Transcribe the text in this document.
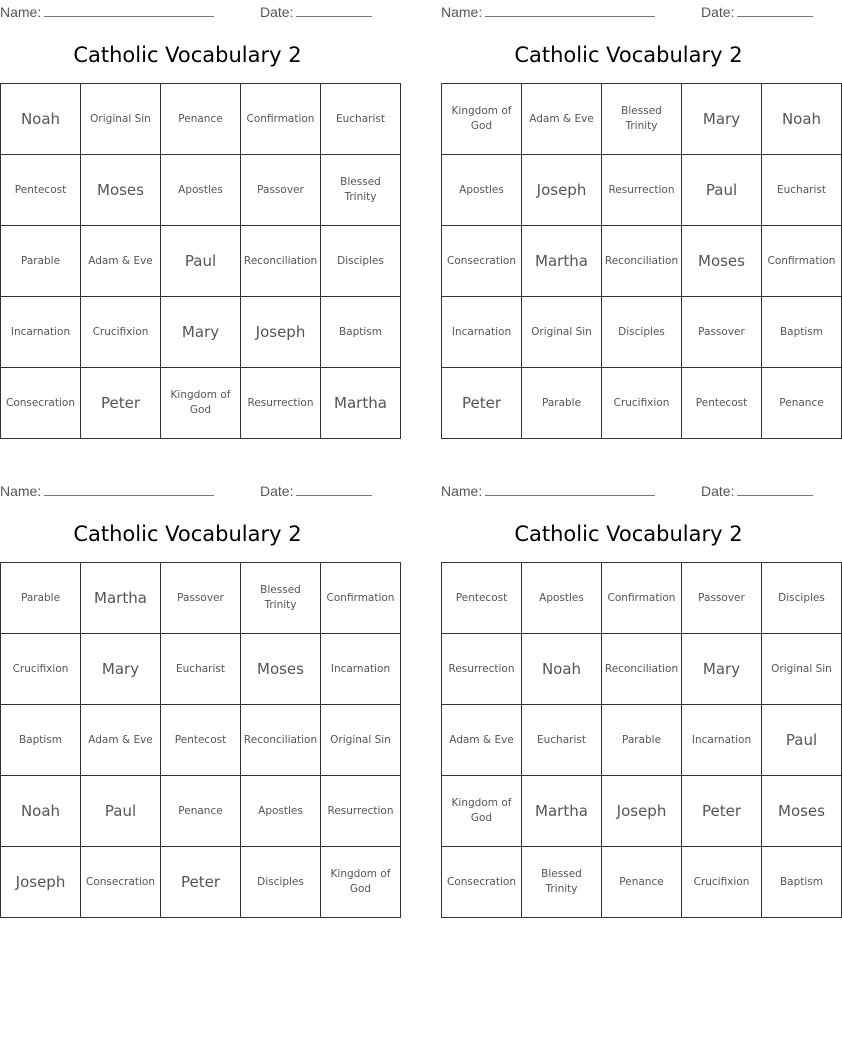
Name:	Date:
Catholic Vocabulary 2
Noah	Original Sin	Penance	Confirmation	Eucharist
Pentecost	Moses	Apostles	Passover	Blessed Trinity
Parable	Adam & Eve	Paul	Reconciliation	Disciples
Incarnation	Crucifixion	Mary	Joseph	Baptism
Consecration	Peter	Kingdom of God	Resurrection	Martha
Name:	Date:
Catholic Vocabulary 2
Kingdom of God	Adam & Eve	Blessed Trinity	Mary	Noah
Apostles	Joseph	Resurrection	Paul	Eucharist
Consecration	Martha	Reconciliation	Moses	Confirmation
Incarnation	Original Sin	Disciples	Passover	Baptism
Peter	Parable	Crucifixion	Pentecost	Penance
Name:	Date:
Catholic Vocabulary 2
Parable	Martha	Passover	Blessed Trinity	Confirmation
Crucifixion	Mary	Eucharist	Moses	Incarnation
Baptism	Adam & Eve	Pentecost	Reconciliation	Original Sin
Noah	Paul	Penance	Apostles	Resurrection
Joseph	Consecration	Peter	Disciples	Kingdom of God
Name:	Date:
Catholic Vocabulary 2
Pentecost	Apostles	Confirmation	Passover	Disciples
Resurrection	Noah	Reconciliation	Mary	Original Sin
Adam & Eve	Eucharist	Parable	Incarnation	Paul
Kingdom of God	Martha	Joseph	Peter	Moses
Consecration	Blessed Trinity	Penance	Crucifixion	Baptism
